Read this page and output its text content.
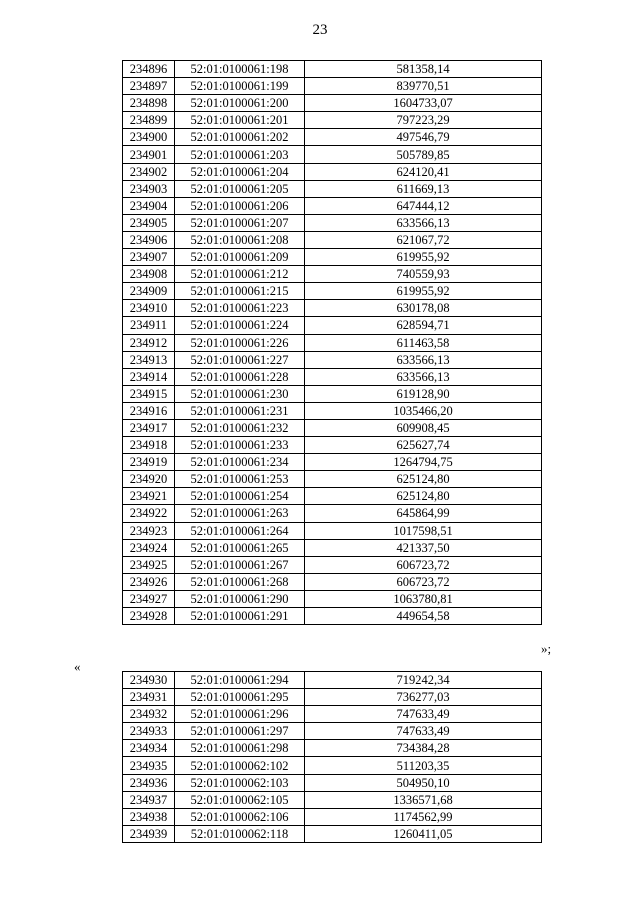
23
234896	52:01:0100061:198	581358,14
234897	52:01:0100061:199	839770,51
234898	52:01:0100061:200	1604733,07
234899	52:01:0100061:201	797223,29
234900	52:01:0100061:202	497546,79
234901	52:01:0100061:203	505789,85
234902	52:01:0100061:204	624120,41
234903	52:01:0100061:205	611669,13
234904	52:01:0100061:206	647444,12
234905	52:01:0100061:207	633566,13
234906	52:01:0100061:208	621067,72
234907	52:01:0100061:209	619955,92
234908	52:01:0100061:212	740559,93
234909	52:01:0100061:215	619955,92
234910	52:01:0100061:223	630178,08
234911	52:01:0100061:224	628594,71
234912	52:01:0100061:226	611463,58
234913	52:01:0100061:227	633566,13
234914	52:01:0100061:228	633566,13
234915	52:01:0100061:230	619128,90
234916	52:01:0100061:231	1035466,20
234917	52:01:0100061:232	609908,45
234918	52:01:0100061:233	625627,74
234919	52:01:0100061:234	1264794,75
234920	52:01:0100061:253	625124,80
234921	52:01:0100061:254	625124,80
234922	52:01:0100061:263	645864,99
234923	52:01:0100061:264	1017598,51
234924	52:01:0100061:265	421337,50
234925	52:01:0100061:267	606723,72
234926	52:01:0100061:268	606723,72
234927	52:01:0100061:290	1063780,81
234928	52:01:0100061:291	449654,58
»;
«
234930	52:01:0100061:294	719242,34
234931	52:01:0100061:295	736277,03
234932	52:01:0100061:296	747633,49
234933	52:01:0100061:297	747633,49
234934	52:01:0100061:298	734384,28
234935	52:01:0100062:102	511203,35
234936	52:01:0100062:103	504950,10
234937	52:01:0100062:105	1336571,68
234938	52:01:0100062:106	1174562,99
234939	52:01:0100062:118	1260411,05
